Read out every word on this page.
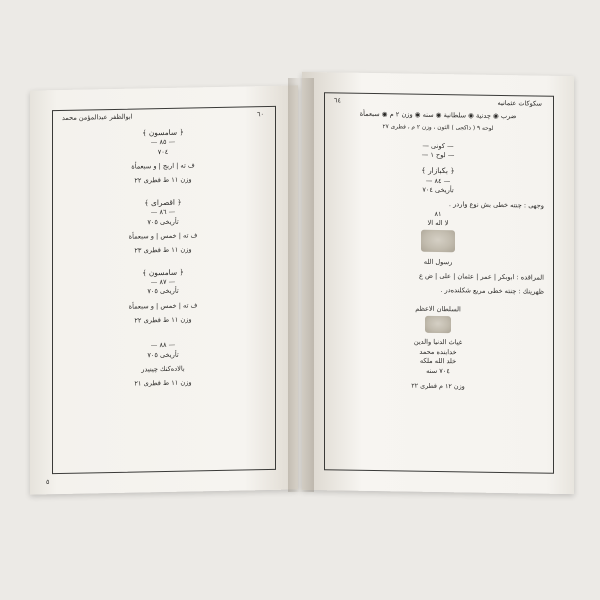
٦٠
ابوالظفر عبدالمؤمن محمد
﴿ سامسون ﴾
— ٨٥ —
٧٠٤
ف ته | اربج | و سبعمأة
وزن ١١ ط قطری ٢٢
﴿ اقصرای ﴾
— ٨٦ —
تأریخی ٧٠٥
ف ته | خمس | و سبعمأة
وزن ١١ ط قطری ٢٣
﴿ سامسون ﴾
— ٨٧ —
تأریخی ٧٠٥
ف ته | خمس | و سبعمأة
وزن ١١ ط قطری ٢٢
— ٨٨ —
تأریخی ٧٠٥
بالاده‌کنك چینیدر
وزن ١١ ط قطری ٢١
٥
سکوکات عثمانیه
٦٤
ضرب ◉ چدنیة ◉ سلطانیة ◉ سنه ◉ وزن ٢ م ◉ سبعمأة
لوحه ٩ ( ذاکجی ) الثون ، وزن ٢ م ، قطری ٢٧
— کونی —
— لوح ١ —
﴿ بکبازار ﴾
— ٨٤ —
تأریخی ٧٠٤
وجهی : چنته خطی بش نوع واردر .
٨١
لا اله الا
رسول الله
المراقده : ابوبکر | عمر | عثمان | علی | ض ع
ظهرینك : چنته خطی مربع شکلنده‌در .
السلطان الاعظم
غیاث الدنیا والدین
خدابنده محمد
خلد الله ملکه
٧٠٤ سنه
وزن ١٢ م قطری ٢٢
